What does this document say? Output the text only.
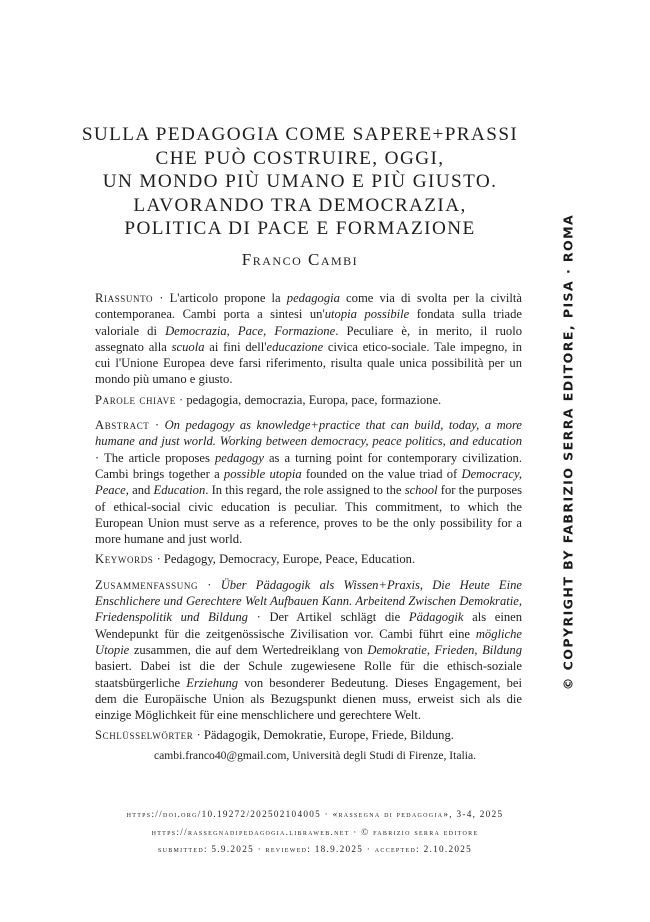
SULLA PEDAGOGIA COME SAPERE+PRASSI
CHE PUÒ COSTRUIRE, OGGI,
UN MONDO PIÙ UMANO E PIÙ GIUSTO.
LAVORANDO TRA DEMOCRAZIA,
POLITICA DI PACE E FORMAZIONE
Franco Cambi

Riassunto · L'articolo propone la pedagogia come via di svolta per la civiltà contemporanea. Cambi porta a sintesi un'utopia possibile fondata sulla triade valoriale di Democrazia, Pace, Formazione. Peculiare è, in merito, il ruolo assegnato alla scuola ai fini dell'educazione civica etico-sociale. Tale impegno, in cui l'Unione Europea deve farsi riferimento, risulta quale unica possibilità per un mondo più umano e giusto.

Parole chiave · pedagogia, democrazia, Europa, pace, formazione.

Abstract · On pedagogy as knowledge+practice that can build, today, a more humane and just world. Working between democracy, peace politics, and education · The article proposes pedagogy as a turning point for contemporary civilization. Cambi brings together a possible utopia founded on the value triad of Democracy, Peace, and Education. In this regard, the role assigned to the school for the purposes of ethical-social civic education is peculiar. This commitment, to which the European Union must serve as a reference, proves to be the only possibility for a more humane and just world.

Keywords · Pedagogy, Democracy, Europe, Peace, Education.

Zusammenfassung · Über Pädagogik als Wissen+Praxis, Die Heute Eine Enschlichere und Gerechtere Welt Aufbauen Kann. Arbeitend Zwischen Demokratie, Friedenspolitik und Bildung · Der Artikel schlägt die Pädagogik als einen Wendepunkt für die zeitgenössische Zivilisation vor. Cambi führt eine mögliche Utopie zusammen, die auf dem Wertedreiklang von Demokratie, Frieden, Bildung basiert. Dabei ist die der Schule zugewiesene Rolle für die ethisch-soziale staatsbürgerliche Erziehung von besonderer Bedeutung. Dieses Engagement, bei dem die Europäische Union als Bezugspunkt dienen muss, erweist sich als die einzige Möglichkeit für eine menschlichere und gerechtere Welt.

Schlüsselwörter · Pädagogik, Demokratie, Europe, Friede, Bildung.

cambi.franco40@gmail.com, Università degli Studi di Firenze, Italia.
https://doi.org/10.19272/202502104005 · «rassegna di pedagogia», 3-4, 2025
https://rassegnadipedagogia.libraweb.net · © fabrizio serra editore
submitted: 5.9.2025 · reviewed: 18.9.2025 · accepted: 2.10.2025
© COPYRIGHT BY FABRIZIO SERRA EDITORE, PISA · ROMA
